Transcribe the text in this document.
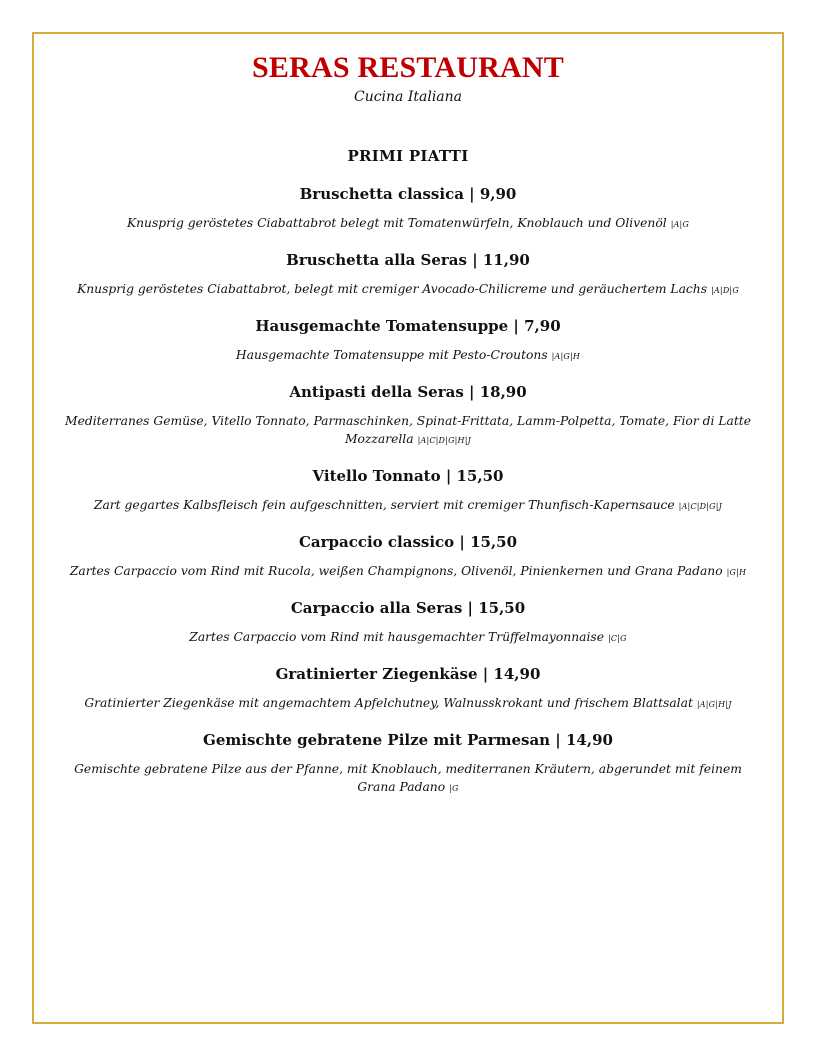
SERAS RESTAURANT
Cucina Italiana
PRIMI PIATTI
Bruschetta classica | 9,90
Knusprig geröstetes Ciabattabrot belegt mit Tomatenwürfeln, Knoblauch und Olivenöl |A|G
Bruschetta alla Seras | 11,90
Knusprig geröstetes Ciabattabrot, belegt mit cremiger Avocado-Chilicreme und geräuchertem Lachs |A|D|G
Hausgemachte Tomatensuppe | 7,90
Hausgemachte Tomatensuppe mit Pesto-Croutons |A|G|H
Antipasti della Seras | 18,90
Mediterranes Gemüse, Vitello Tonnato, Parmaschinken, Spinat-Frittata, Lamm-Polpetta, Tomate, Fior di Latte Mozzarella |A|C|D|G|H|J
Vitello Tonnato | 15,50
Zart gegartes Kalbsfleisch fein aufgeschnitten, serviert mit cremiger Thunfisch-Kapernsauce |A|C|D|G|J
Carpaccio classico | 15,50
Zartes Carpaccio vom Rind mit Rucola, weißen Champignons, Olivenöl, Pinienkernen und Grana Padano |G|H
Carpaccio alla Seras | 15,50
Zartes Carpaccio vom Rind mit hausgemachter Trüffelmayonnaise |C|G
Gratinierter Ziegenkäse | 14,90
Gratinierter Ziegenkäse mit angemachtem Apfelchutney, Walnusskrokant und frischem Blattsalat |A|G|H|J
Gemischte gebratene Pilze mit Parmesan | 14,90
Gemischte gebratene Pilze aus der Pfanne, mit Knoblauch, mediterranen Kräutern, abgerundet mit feinem Grana Padano |G
